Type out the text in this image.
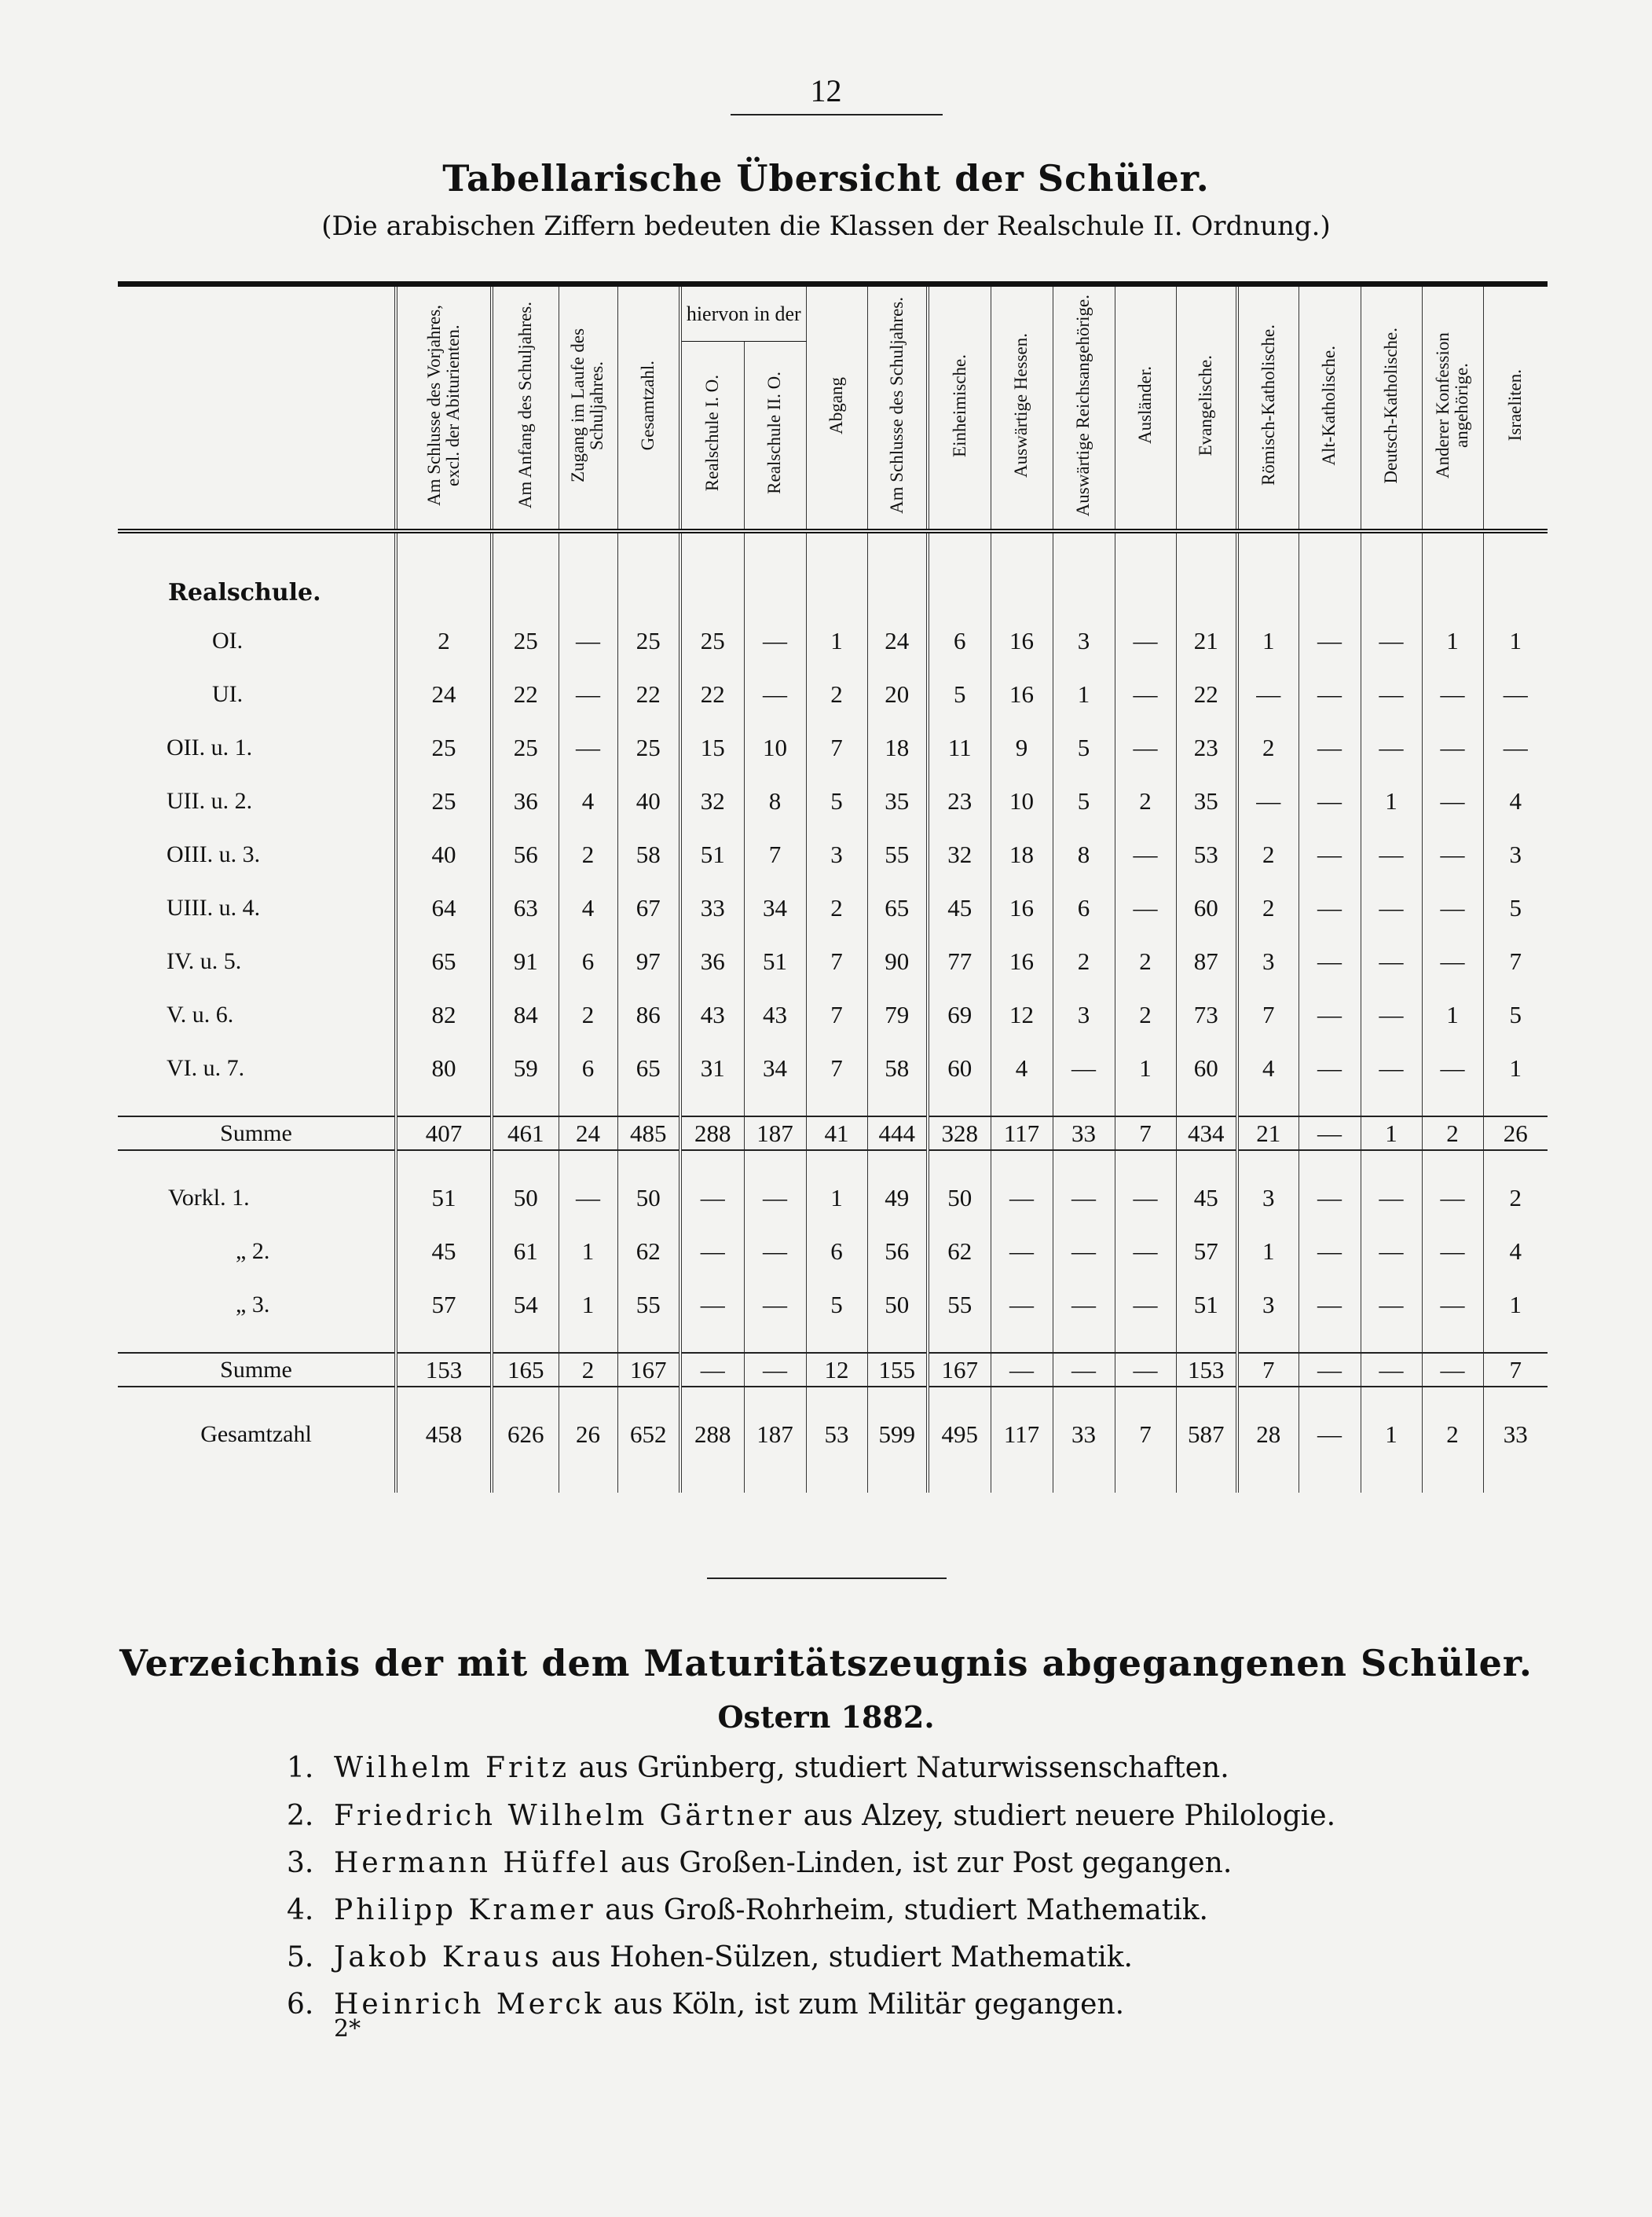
12
Tabellarische Übersicht der Schüler.
(Die arabischen Ziffern bedeuten die Klassen der Realschule II. Ordnung.)
	Am Schlusse des Vorjahres, excl. der Abiturienten.	Am Anfang des Schuljahres.	Zugang im Laufe des Schuljahres.	Gesamtzahl.	hiervon in der		Abgang	Am Schlusse des Schuljahres.	Einheimische.	Auswärtige Hessen.	Auswärtige Reichsangehörige.	Ausländer.	Evangelische.	Römisch-Katholische.	Alt-Katholische.	Deutsch-Katholische.	Anderer Konfession angehörige.	Israeliten.
					Realschule I. O.	Realschule II. O.												
Realschule.																		
OI.	2	25	—	25	25	—	1	24	6	16	3	—	21	1	—	—	1	1
UI.	24	22	—	22	22	—	2	20	5	16	1	—	22	—	—	—	—	—
OII. u. 1.	25	25	—	25	15	10	7	18	11	9	5	—	23	2	—	—	—	—
UII. u. 2.	25	36	4	40	32	8	5	35	23	10	5	2	35	—	—	1	—	4
OIII. u. 3.	40	56	2	58	51	7	3	55	32	18	8	—	53	2	—	—	—	3
UIII. u. 4.	64	63	4	67	33	34	2	65	45	16	6	—	60	2	—	—	—	5
IV. u. 5.	65	91	6	97	36	51	7	90	77	16	2	2	87	3	—	—	—	7
V. u. 6.	82	84	2	86	43	43	7	79	69	12	3	2	73	7	—	—	1	5
VI. u. 7.	80	59	6	65	31	34	7	58	60	4	—	1	60	4	—	—	—	1

Summe	407	461	24	485	288	187	41	444	328	117	33	7	434	21	—	1	2	26

Vorkl. 1.	51	50	—	50	—	—	1	49	50	—	—	—	45	3	—	—	—	2
„ 2.	45	61	1	62	—	—	6	56	62	—	—	—	57	1	—	—	—	4
„ 3.	57	54	1	55	—	—	5	50	55	—	—	—	51	3	—	—	—	1

Summe	153	165	2	167	—	—	12	155	167	—	—	—	153	7	—	—	—	7

Gesamtzahl	458	626	26	652	288	187	53	599	495	117	33	7	587	28	—	1	2	33

Verzeichnis der mit dem Maturitätszeugnis abgegangenen Schüler.
Ostern 1882.
1. Wilhelm Fritz aus Grünberg, studiert Naturwissenschaften.
2. Friedrich Wilhelm Gärtner aus Alzey, studiert neuere Philologie.
3. Hermann Hüffel aus Großen-Linden, ist zur Post gegangen.
4. Philipp Kramer aus Groß-Rohrheim, studiert Mathematik.
5. Jakob Kraus aus Hohen-Sülzen, studiert Mathematik.
6. Heinrich Merck aus Köln, ist zum Militär gegangen.
2*
